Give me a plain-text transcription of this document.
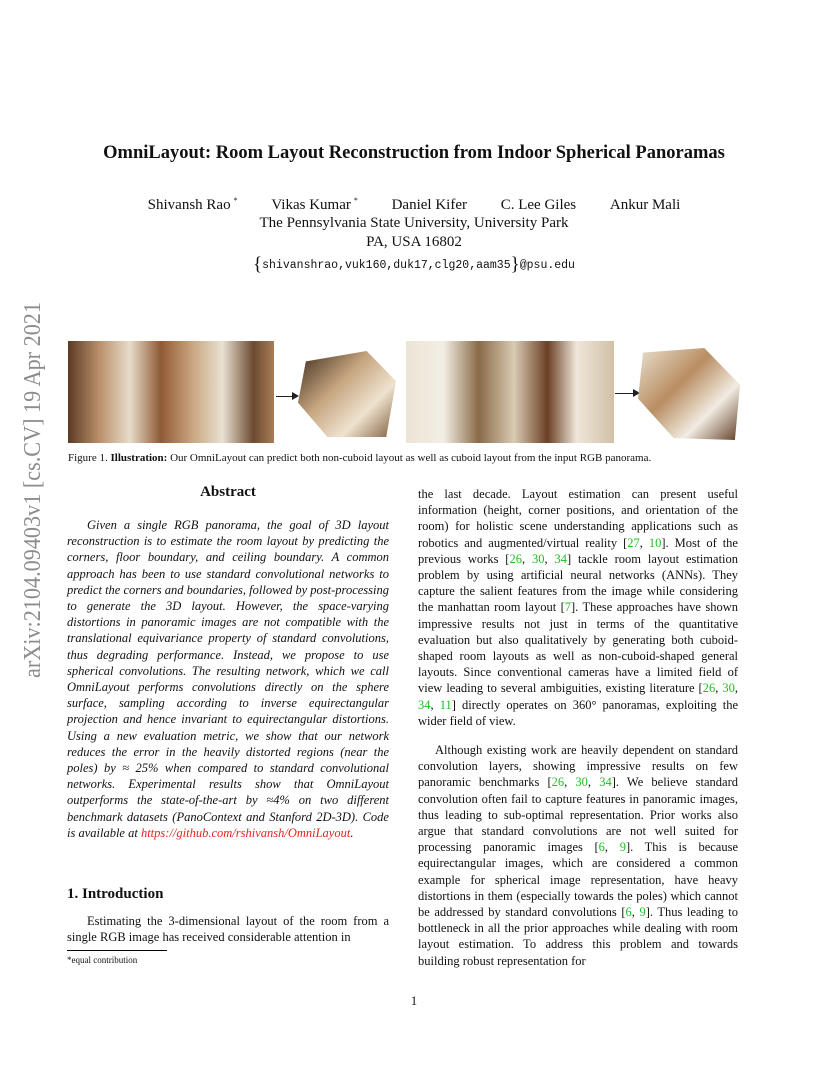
arXiv:2104.09403v1 [cs.CV] 19 Apr 2021
OmniLayout: Room Layout Reconstruction from Indoor Spherical Panoramas
Shivansh Rao * Vikas Kumar * Daniel Kifer C. Lee Giles Ankur Mali
The Pennsylvania State University, University Park
PA, USA 16802
{shivanshrao,vuk160,duk17,clg20,aam35}@psu.edu
Figure 1. Illustration: Our OmniLayout can predict both non-cuboid layout as well as cuboid layout from the input RGB panorama.
Abstract
Given a single RGB panorama, the goal of 3D layout reconstruction is to estimate the room layout by predicting the corners, floor boundary, and ceiling boundary. A common approach has been to use standard convolutional networks to predict the corners and boundaries, followed by post-processing to generate the 3D layout. However, the space-varying distortions in panoramic images are not compatible with the translational equivariance property of standard convolutions, thus degrading performance. Instead, we propose to use spherical convolutions. The resulting network, which we call OmniLayout performs convolutions directly on the sphere surface, sampling according to inverse equirectangular projection and hence invariant to equirectangular distortions. Using a new evaluation metric, we show that our network reduces the error in the heavily distorted regions (near the poles) by ≈ 25% when compared to standard convolutional networks. Experimental results show that OmniLayout outperforms the state-of-the-art by ≈4% on two different benchmark datasets (PanoContext and Stanford 2D-3D). Code is available at https://github.com/rshivansh/OmniLayout.
1. Introduction
Estimating the 3-dimensional layout of the room from a single RGB image has received considerable attention in
*equal contribution
the last decade. Layout estimation can present useful information (height, corner positions, and orientation of the room) for holistic scene understanding applications such as robotics and augmented/virtual reality [27, 10]. Most of the previous works [26, 30, 34] tackle room layout estimation problem by using artificial neural networks (ANNs). They capture the salient features from the image while considering the manhattan room layout [7]. These approaches have shown impressive results not just in terms of the quantitative evaluation but also qualitatively by generating both cuboid-shaped room layouts as well as non-cuboid-shaped general layouts. Since conventional cameras have a limited field of view leading to several ambiguities, existing literature [26, 30, 34, 11] directly operates on 360° panoramas, exploiting the wider field of view.
Although existing work are heavily dependent on standard convolution layers, showing impressive results on few panoramic benchmarks [26, 30, 34]. We believe standard convolution often fail to capture features in panoramic images, thus leading to sub-optimal representation. Prior works also argue that standard convolutions are not well suited for processing panoramic images [6, 9]. This is because equirectangular images, which are considered a common example for spherical image representation, have heavy distortions in them (especially towards the poles) which cannot be addressed by standard convolutions [6, 9]. Thus leading to bottleneck in all the prior approaches while dealing with room layout estimation. To address this problem and towards building robust representation for
1
